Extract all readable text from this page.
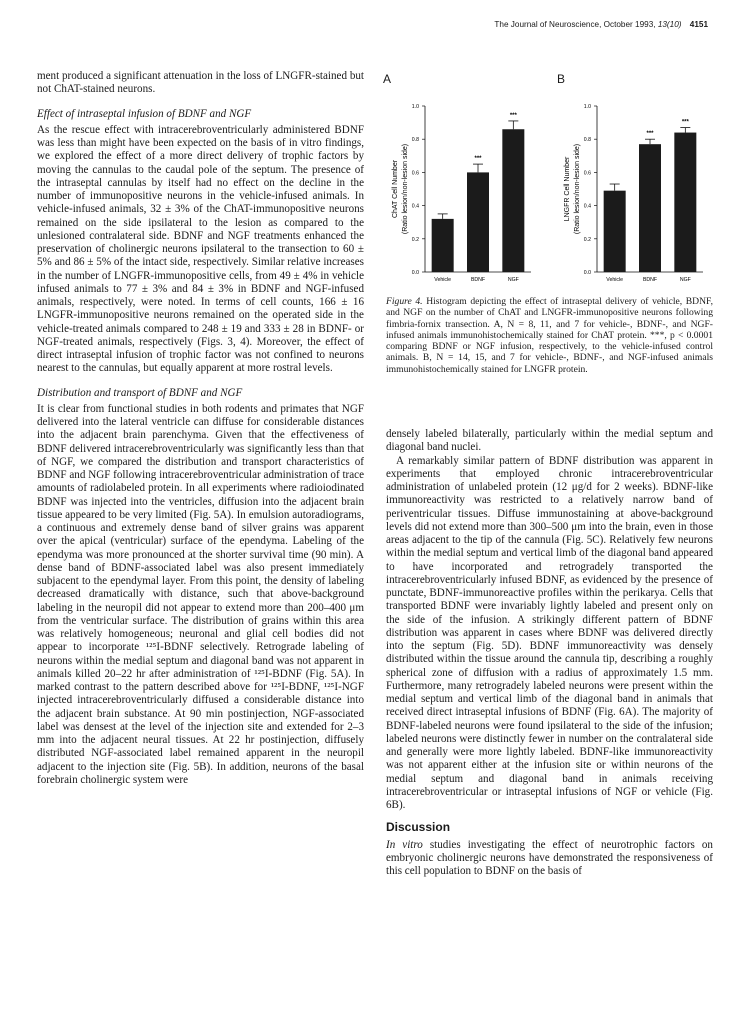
The Journal of Neuroscience, October 1993, 13(10) 4151

ment produced a significant attenuation in the loss of LNGFR-stained but not ChAT-stained neurons.

Effect of intraseptal infusion of BDNF and NGF

As the rescue effect with intracerebroventricularly administered BDNF was less than might have been expected on the basis of in vitro findings, we explored the effect of a more direct delivery of trophic factors by moving the cannulas to the caudal pole of the septum. The presence of the intraseptal cannulas by itself had no effect on the decline in the number of immunopositive neurons in the vehicle-infused animals. In vehicle-infused animals, 32 ± 3% of the ChAT-immunopositive neurons remained on the side ipsilateral to the lesion as compared to the unlesioned contralateral side. BDNF and NGF treatments enhanced the preservation of cholinergic neurons ipsilateral to the transection to 60 ± 5% and 86 ± 5% of the intact side, respectively. Similar relative increases in the number of LNGFR-immunopositive cells, from 49 ± 4% in vehicle infused animals to 77 ± 3% and 84 ± 3% in BDNF and NGF-infused animals, respectively, were noted. In terms of cell counts, 166 ± 16 LNGFR-immunopositive neurons remained on the operated side in the vehicle-treated animals compared to 248 ± 19 and 333 ± 28 in BDNF- or NGF-treated animals, respectively (Figs. 3, 4). Moreover, the effect of direct intraseptal infusion of trophic factor was not confined to neurons nearest to the cannulas, but equally apparent at more rostral levels.

Distribution and transport of BDNF and NGF

It is clear from functional studies in both rodents and primates that NGF delivered into the lateral ventricle can diffuse for considerable distances into the adjacent brain parenchyma. Given that the effectiveness of BDNF delivered intracerebroventricularly was significantly less than that of NGF, we compared the distribution and transport characteristics of BDNF and NGF following intracerebroventricular administration of trace amounts of radiolabeled protein. In all experiments where radioiodinated BDNF was injected into the ventricles, diffusion into the adjacent brain tissue appeared to be very limited (Fig. 5A). In emulsion autoradiograms, a continuous and extremely dense band of silver grains was apparent over the apical (ventricular) surface of the ependyma. Labeling of the ependyma was more pronounced at the shorter survival time (90 min). A dense band of BDNF-associated label was also present immediately subjacent to the ependymal layer. From this point, the density of labeling decreased dramatically with distance, such that above-background labeling in the neuropil did not appear to extend more than 200–400 μm from the ventricular surface. The distribution of grains within this area was relatively homogeneous; neuronal and glial cell bodies did not appear to incorporate ¹²⁵I-BDNF selectively. Retrograde labeling of neurons within the medial septum and diagonal band was not apparent in animals killed 20–22 hr after administration of ¹²⁵I-BDNF (Fig. 5A). In marked contrast to the pattern described above for ¹²⁵I-BDNF, ¹²⁵I-NGF injected intracerebroventricularly diffused a considerable distance into the adjacent brain substance. At 90 min postinjection, NGF-associated label was densest at the level of the injection site and extended for 2–3 mm into the adjacent neural tissues. At 22 hr postinjection, diffusely distributed NGF-associated label remained apparent in the neuropil adjacent to the injection site (Fig. 5B). In addition, neurons of the basal forebrain cholinergic system were

A	B
0.0
0.2
0.4
0.6
0.8
1.0
ChAT Cell Number (Ratio lesion/non-lesion side)
Vehicle
***
BDNF
***
NGF
0.0
0.2
0.4
0.6
0.8
1.0
LNGFR Cell Number (Ratio lesion/non-lesion side)
Vehicle
***
BDNF
***
NGF
Figure 4. Histogram depicting the effect of intraseptal delivery of vehicle, BDNF, and NGF on the number of ChAT and LNGFR-immunopositive neurons following fimbria-fornix transection. A, N = 8, 11, and 7 for vehicle-, BDNF-, and NGF-infused animals immunohistochemically stained for ChAT protein. ***, p < 0.0001 comparing BDNF or NGF infusion, respectively, to the vehicle-infused control animals. B, N = 14, 15, and 7 for vehicle-, BDNF-, and NGF-infused animals immunohistochemically stained for LNGFR protein.

densely labeled bilaterally, particularly within the medial septum and diagonal band nuclei.

A remarkably similar pattern of BDNF distribution was apparent in experiments that employed chronic intracerebroventricular administration of unlabeled protein (12 μg/d for 2 weeks). BDNF-like immunoreactivity was restricted to a relatively narrow band of periventricular tissues. Diffuse immunostaining at above-background levels did not extend more than 300–500 μm into the brain, even in those areas adjacent to the tip of the cannula (Fig. 5C). Relatively few neurons within the medial septum and vertical limb of the diagonal band appeared to have incorporated and retrogradely transported the intracerebroventricularly infused BDNF, as evidenced by the presence of punctate, BDNF-immunoreactive profiles within the perikarya. Cells that transported BDNF were invariably lightly labeled and present only on the side of the infusion. A strikingly different pattern of BDNF distribution was apparent in cases where BDNF was delivered directly into the septum (Fig. 5D). BDNF immunoreactivity was densely distributed within the tissue around the cannula tip, describing a roughly spherical zone of diffusion with a radius of approximately 1.5 mm. Furthermore, many retrogradely labeled neurons were present within the medial septum and vertical limb of the diagonal band in animals that received direct intraseptal infusions of BDNF (Fig. 6A). The majority of BDNF-labeled neurons were found ipsilateral to the side of the infusion; labeled neurons were distinctly fewer in number on the contralateral side and generally were more lightly labeled. BDNF-like immunoreactivity was not apparent either at the infusion site or within neurons of the medial septum and diagonal band in animals receiving intracerebroventricular or intraseptal infusions of NGF or vehicle (Fig. 6B).

Discussion

In vitro studies investigating the effect of neurotrophic factors on embryonic cholinergic neurons have demonstrated the responsiveness of this cell population to BDNF on the basis of
